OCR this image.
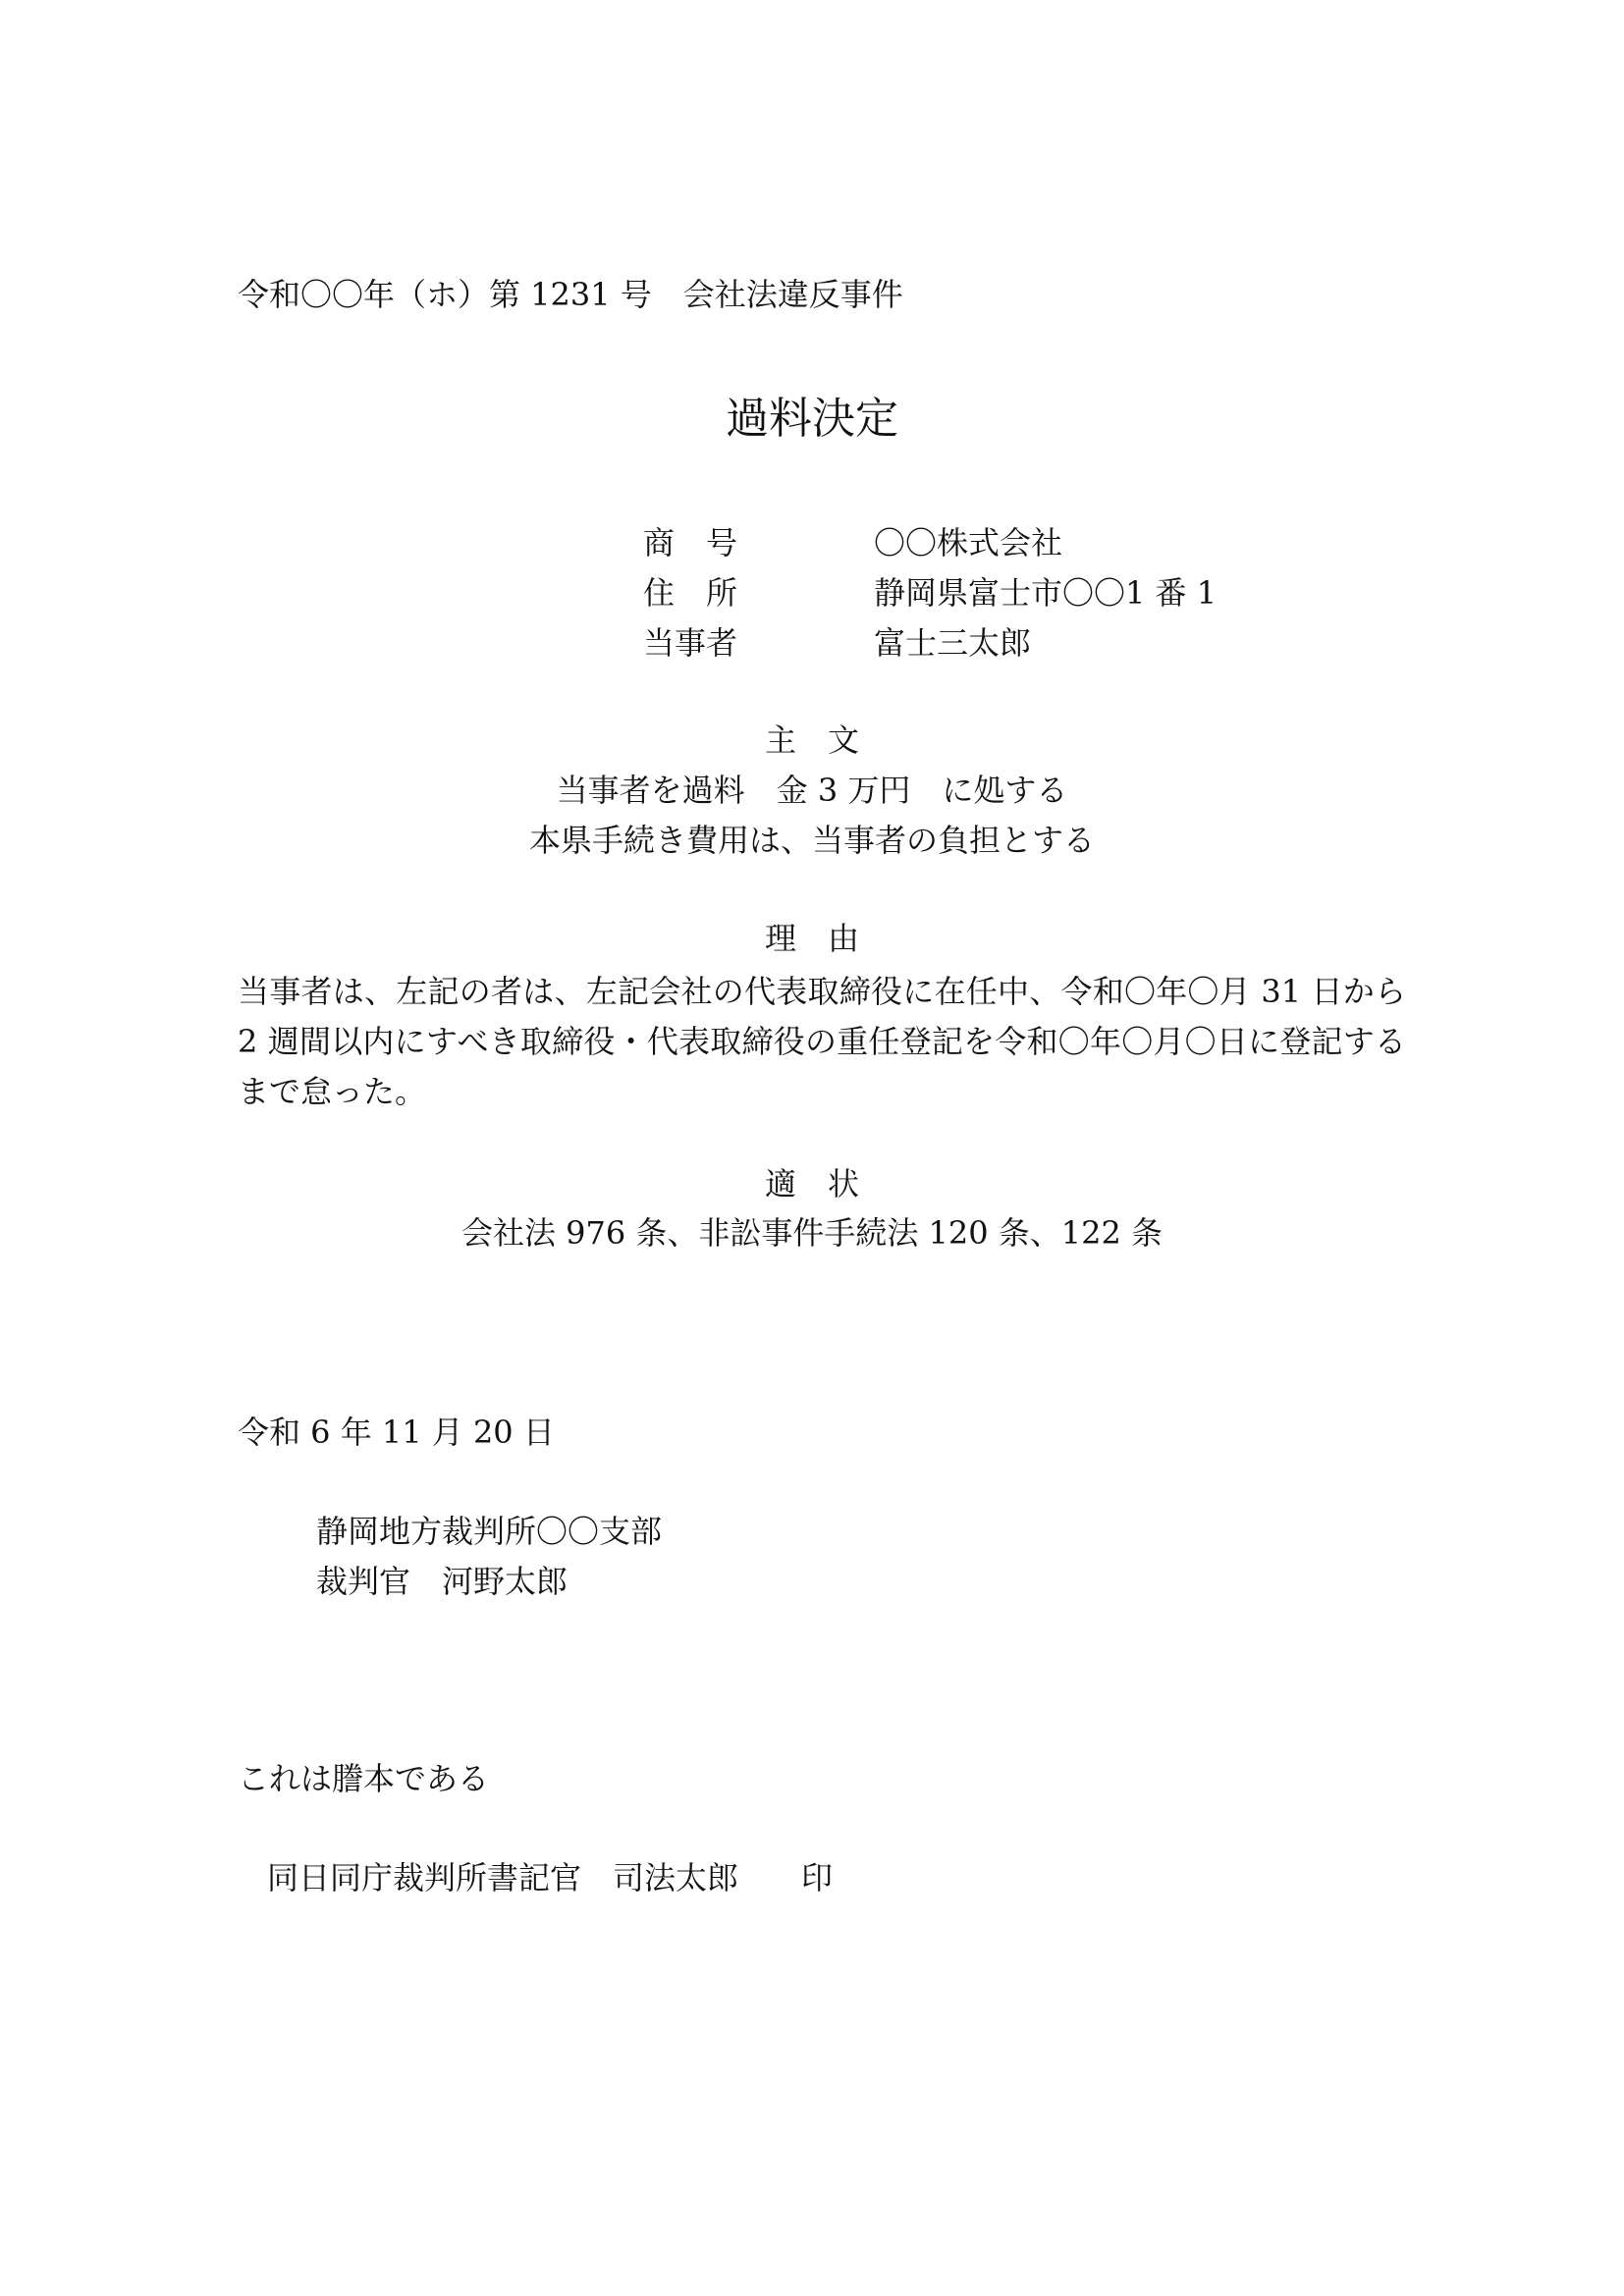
令和〇〇年（ホ）第 1231 号　会社法違反事件
過料決定
商　号	〇〇株式会社
住　所	静岡県富士市〇〇1 番 1
当事者	富士三太郎
主　文
当事者を過料　金 3 万円　に処する
本県手続き費用は、当事者の負担とする
理　由
当事者は、左記の者は、左記会社の代表取締役に在任中、令和〇年〇月 31 日から 2 週間以内にすべき取締役・代表取締役の重任登記を令和〇年〇月〇日に登記するまで怠った。
適　状
会社法 976 条、非訟事件手続法 120 条、122 条
令和 6 年 11 月 20 日
静岡地方裁判所〇〇支部
裁判官　河野太郎
これは謄本である
同日同庁裁判所書記官　司法太郎　　印
